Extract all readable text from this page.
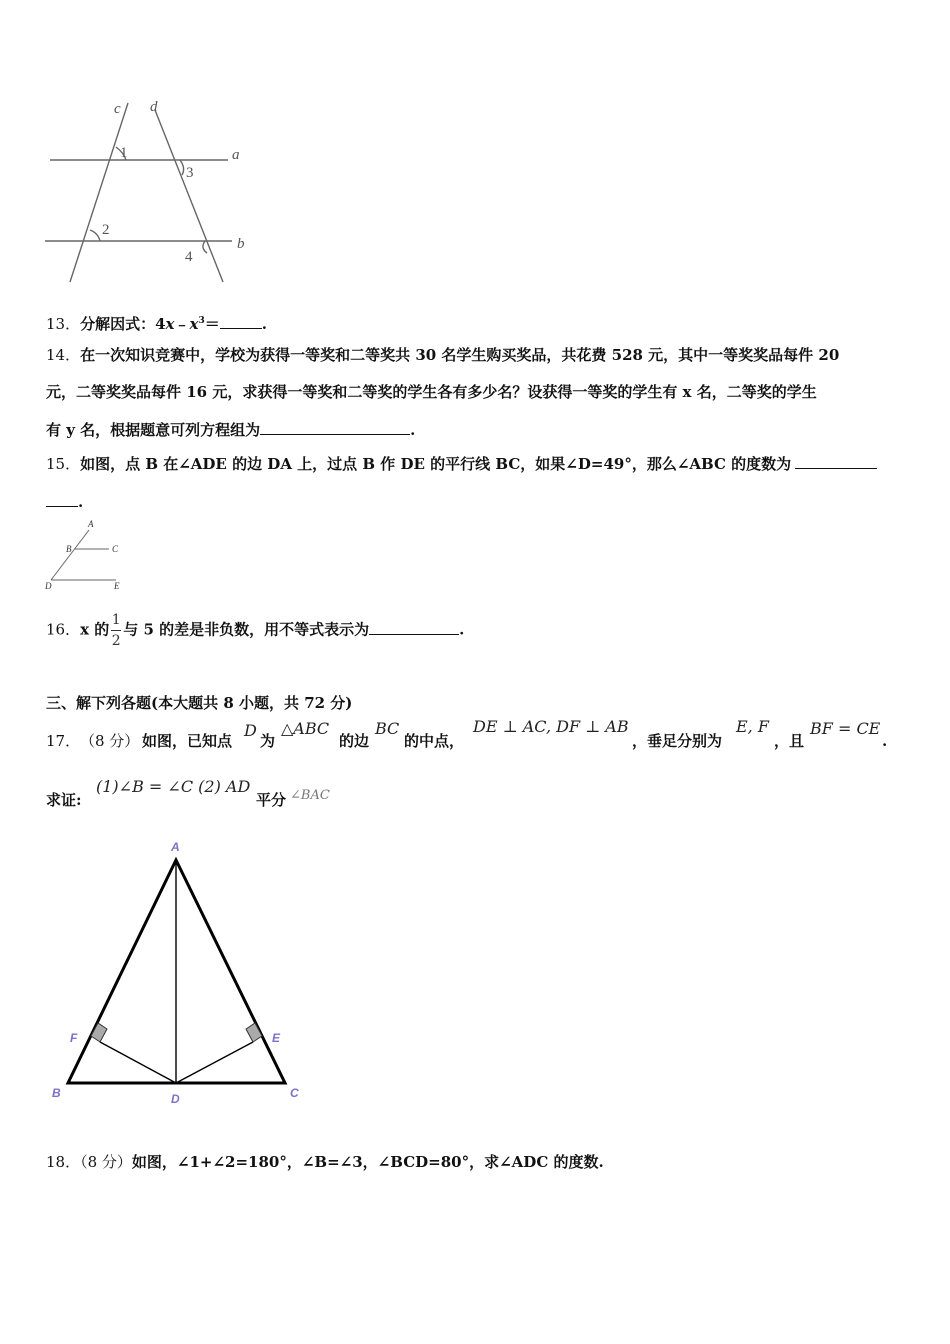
c d
a
b
1
2
3
4
13．分解因式：$4x﹣x^3=$	.
14．在一次知识竞赛中，学校为获得一等奖和二等奖共 30 名学生购买奖品，共花费 528 元，其中一等奖奖品每件 20
元，二等奖奖品每件 16 元，求获得一等奖和二等奖的学生各有多少名？设获得一等奖的学生有 x 名，二等奖的学生
有 y 名，根据题意可列方程组为	.
15．如图，点 B 在∠ADE 的边 DA 上，过点 B 作 DE 的平行线 BC，如果∠D=49°，那么∠ABC 的度数为
.
A
B	C
D	E
16．x 的 $\frac{1}{2}$ 与 5 的差是非负数，用不等式表示为	.
三、解下列各题(本大题共 8 小题，共 72 分)
17． （8 分） 如图，已知点
D
为
△ABC
的边
BC
的中点，
DE ⊥ AC, DF ⊥ AB
，垂足分别为
E, F
，且
BF = CE
.
求证:
(1)∠B = ∠C (2) AD
平分 ∠BAC
A
B	C
D
E
F
18．（8 分）如图，∠1+∠2=180°，∠B=∠3，∠BCD=80°，求∠ADC 的度数.
